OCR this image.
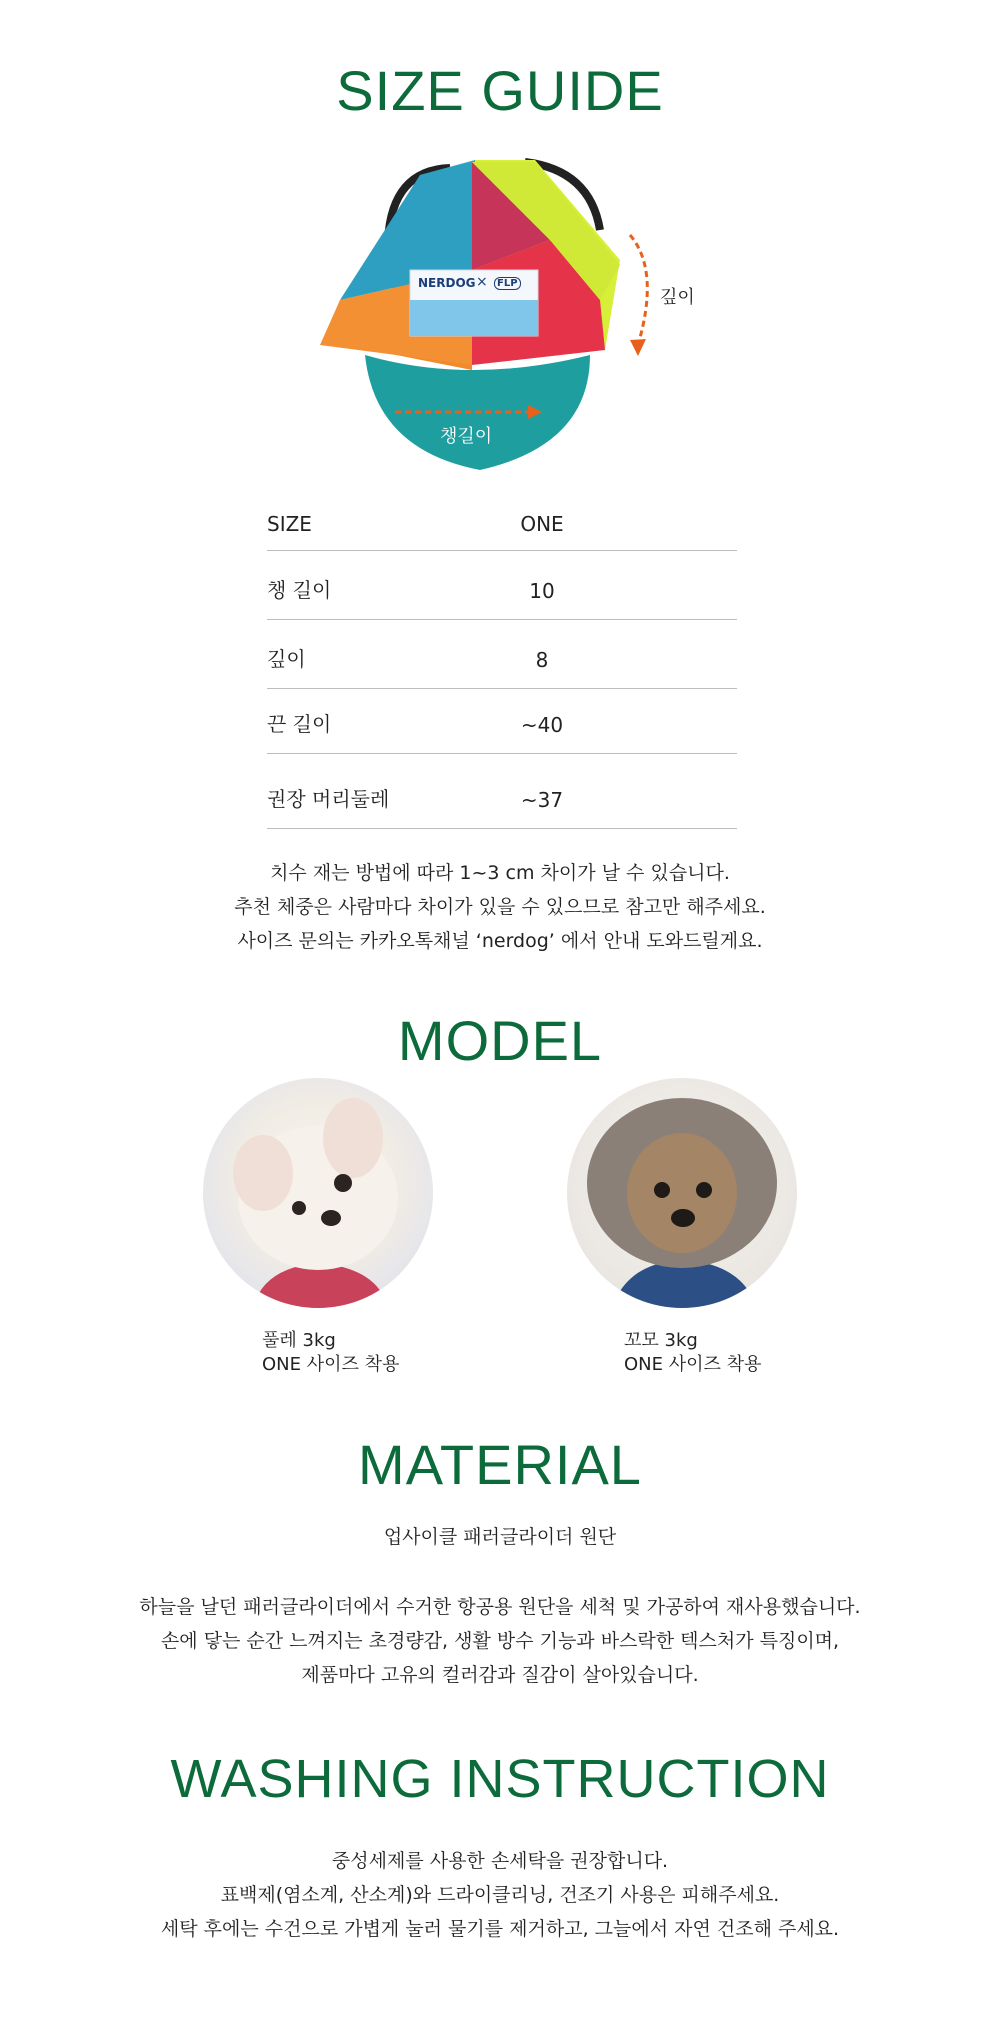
SIZE GUIDE
NERDOG × FLP
깊이
챙길이
SIZE	ONE
챙 길이	10
깊이	8
끈 길이	~40
권장 머리둘레	~37
치수 재는 방법에 따라 1~3 cm 차이가 날 수 있습니다.
추천 체중은 사람마다 차이가 있을 수 있으므로 참고만 해주세요.
사이즈 문의는 카카오톡채널 ‘nerdog’ 에서 안내 도와드릴게요.
MODEL
풀레 3kg
ONE 사이즈 착용
꼬모 3kg
ONE 사이즈 착용
MATERIAL
업사이클 패러글라이더 원단
하늘을 날던 패러글라이더에서 수거한 항공용 원단을 세척 및 가공하여 재사용했습니다.
손에 닿는 순간 느껴지는 초경량감, 생활 방수 기능과 바스락한 텍스처가 특징이며,
제품마다 고유의 컬러감과 질감이 살아있습니다.
WASHING INSTRUCTION
중성세제를 사용한 손세탁을 권장합니다.
표백제(염소계, 산소계)와 드라이클리닝, 건조기 사용은 피해주세요.
세탁 후에는 수건으로 가볍게 눌러 물기를 제거하고, 그늘에서 자연 건조해 주세요.
